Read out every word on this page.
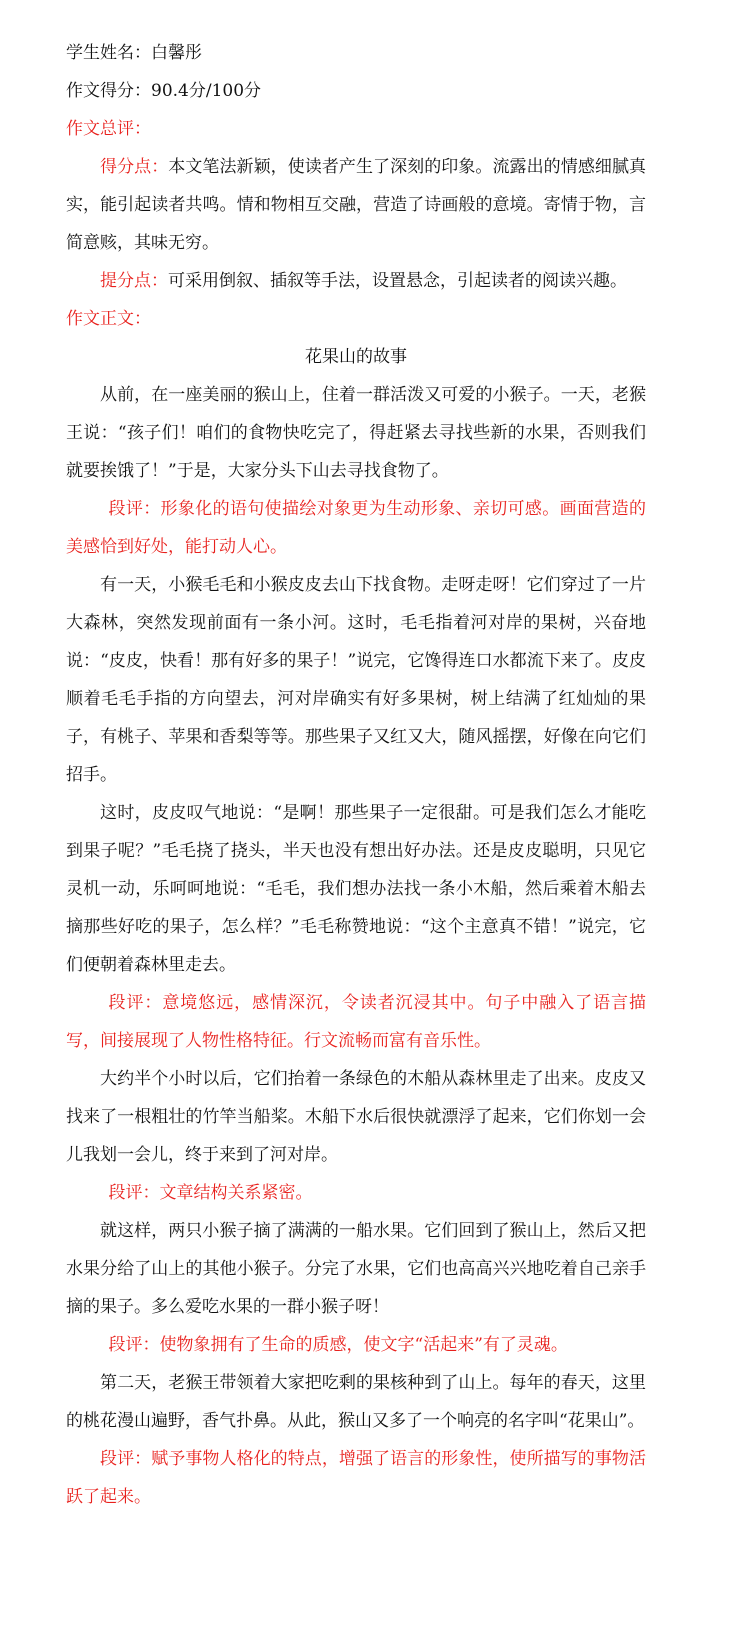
学生姓名：白馨彤

作文得分：90.4分/100分

作文总评：

得分点：本文笔法新颖，使读者产生了深刻的印象。流露出的情感细腻真实，能引起读者共鸣。情和物相互交融，营造了诗画般的意境。寄情于物，言简意赅，其味无穷。

提分点：可采用倒叙、插叙等手法，设置悬念，引起读者的阅读兴趣。

作文正文：

花果山的故事

从前，在一座美丽的猴山上，住着一群活泼又可爱的小猴子。一天，老猴王说：“孩子们！咱们的食物快吃完了，得赶紧去寻找些新的水果，否则我们就要挨饿了！”于是，大家分头下山去寻找食物了。

段评：形象化的语句使描绘对象更为生动形象、亲切可感。画面营造的美感恰到好处，能打动人心。

有一天，小猴毛毛和小猴皮皮去山下找食物。走呀走呀！它们穿过了一片大森林，突然发现前面有一条小河。这时，毛毛指着河对岸的果树，兴奋地说：“皮皮，快看！那有好多的果子！”说完，它馋得连口水都流下来了。皮皮顺着毛毛手指的方向望去，河对岸确实有好多果树，树上结满了红灿灿的果子，有桃子、苹果和香梨等等。那些果子又红又大，随风摇摆，好像在向它们招手。

这时，皮皮叹气地说：“是啊！那些果子一定很甜。可是我们怎么才能吃到果子呢？”毛毛挠了挠头，半天也没有想出好办法。还是皮皮聪明，只见它灵机一动，乐呵呵地说：“毛毛，我们想办法找一条小木船，然后乘着木船去摘那些好吃的果子，怎么样？”毛毛称赞地说：“这个主意真不错！”说完，它们便朝着森林里走去。

段评：意境悠远，感情深沉，令读者沉浸其中。句子中融入了语言描写，间接展现了人物性格特征。行文流畅而富有音乐性。

大约半个小时以后，它们抬着一条绿色的木船从森林里走了出来。皮皮又找来了一根粗壮的竹竿当船桨。木船下水后很快就漂浮了起来，它们你划一会儿我划一会儿，终于来到了河对岸。

段评：文章结构关系紧密。

就这样，两只小猴子摘了满满的一船水果。它们回到了猴山上，然后又把水果分给了山上的其他小猴子。分完了水果，它们也高高兴兴地吃着自己亲手摘的果子。多么爱吃水果的一群小猴子呀！

段评：使物象拥有了生命的质感，使文字“活起来”有了灵魂。

第二天，老猴王带领着大家把吃剩的果核种到了山上。每年的春天，这里的桃花漫山遍野，香气扑鼻。从此，猴山又多了一个响亮的名字叫“花果山”。

段评：赋予事物人格化的特点，增强了语言的形象性，使所描写的事物活跃了起来。
